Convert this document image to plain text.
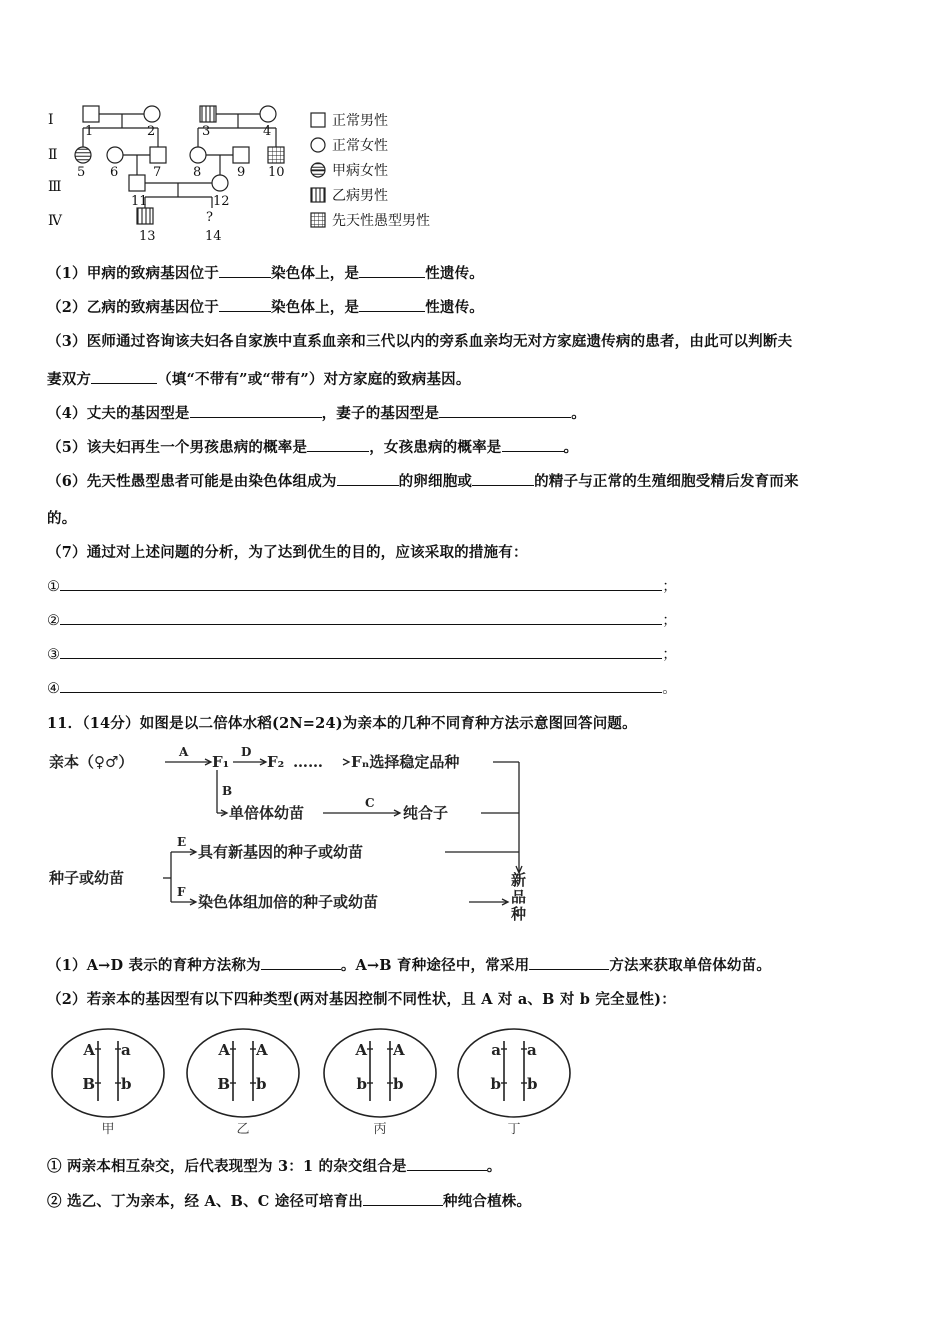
Ⅰ
Ⅱ
Ⅲ
Ⅳ
1	2	3	4
5 6	7 8	9 10
11	12
13
?
14
正常男性
正常女性
甲病女性
乙病男性
先天性愚型男性
（1）甲病的致病基因位于	染色体上，是	性遗传。
（2）乙病的致病基因位于	染色体上，是	性遗传。
（3）医师通过咨询该夫妇各自家族中直系血亲和三代以内的旁系血亲均无对方家庭遗传病的患者，由此可以判断夫
妻双方	（填“不带有”或“带有”）对方家庭的致病基因。
（4）丈夫的基因型是	，妻子的基因型是	。
（5）该夫妇再生一个男孩患病的概率是	，女孩患病的概率是	。
（6）先天性愚型患者可能是由染色体组成为	的卵细胞或	的精子与正常的生殖细胞受精后发育而来
的。
（7）通过对上述问题的分析，为了达到优生的目的，应该采取的措施有：
①	；
②	；
③	；
④	。
11．（14分）如图是以二倍体水稻(2N=24)为亲本的几种不同育种方法示意图回答问题。
亲本（♀♂）
A
F₁
D
F₂ …… Fₙ选择稳定品种
B
单倍体幼苗
C
纯合子
种子或幼苗
E
具有新基因的种子或幼苗
F
染色体组加倍的种子或幼苗
新
品
种
（1）A→D 表示的育种方法称为	。A→B 育种途径中，常采用	方法来获取单倍体幼苗。
（2）若亲本的基因型有以下四种类型(两对基因控制不同性状，且 A 对 a、B 对 b 完全显性)：
A a
B b
甲
A A
B b
乙
A A
b b
丙
a a
b b
丁
① 两亲本相互杂交，后代表现型为 3：1 的杂交组合是	。
② 选乙、丁为亲本，经 A、B、C 途径可培育出	种纯合植株。
